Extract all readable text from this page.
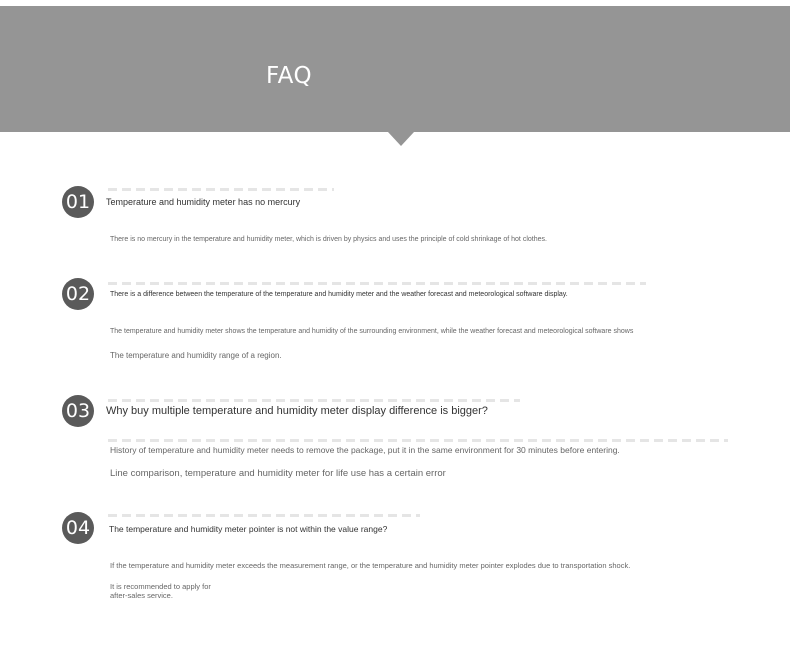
FAQ
01	Temperature and humidity meter has no mercury
There is no mercury in the temperature and humidity meter, which is driven by physics and uses the principle of cold shrinkage of hot clothes.
02	There is a difference between the temperature of the temperature and humidity meter and the weather forecast and meteorological software display.
The temperature and humidity meter shows the temperature and humidity of the surrounding environment, while the weather forecast and meteorological software shows
The temperature and humidity range of a region.
03	Why buy multiple temperature and humidity meter display difference is bigger?
History of temperature and humidity meter needs to remove the package, put it in the same environment for 30 minutes before entering.
Line comparison, temperature and humidity meter for life use has a certain error
04	The temperature and humidity meter pointer is not within the value range?
If the temperature and humidity meter exceeds the measurement range, or the temperature and humidity meter pointer explodes due to transportation shock.
It is recommended to apply for
after-sales service.
